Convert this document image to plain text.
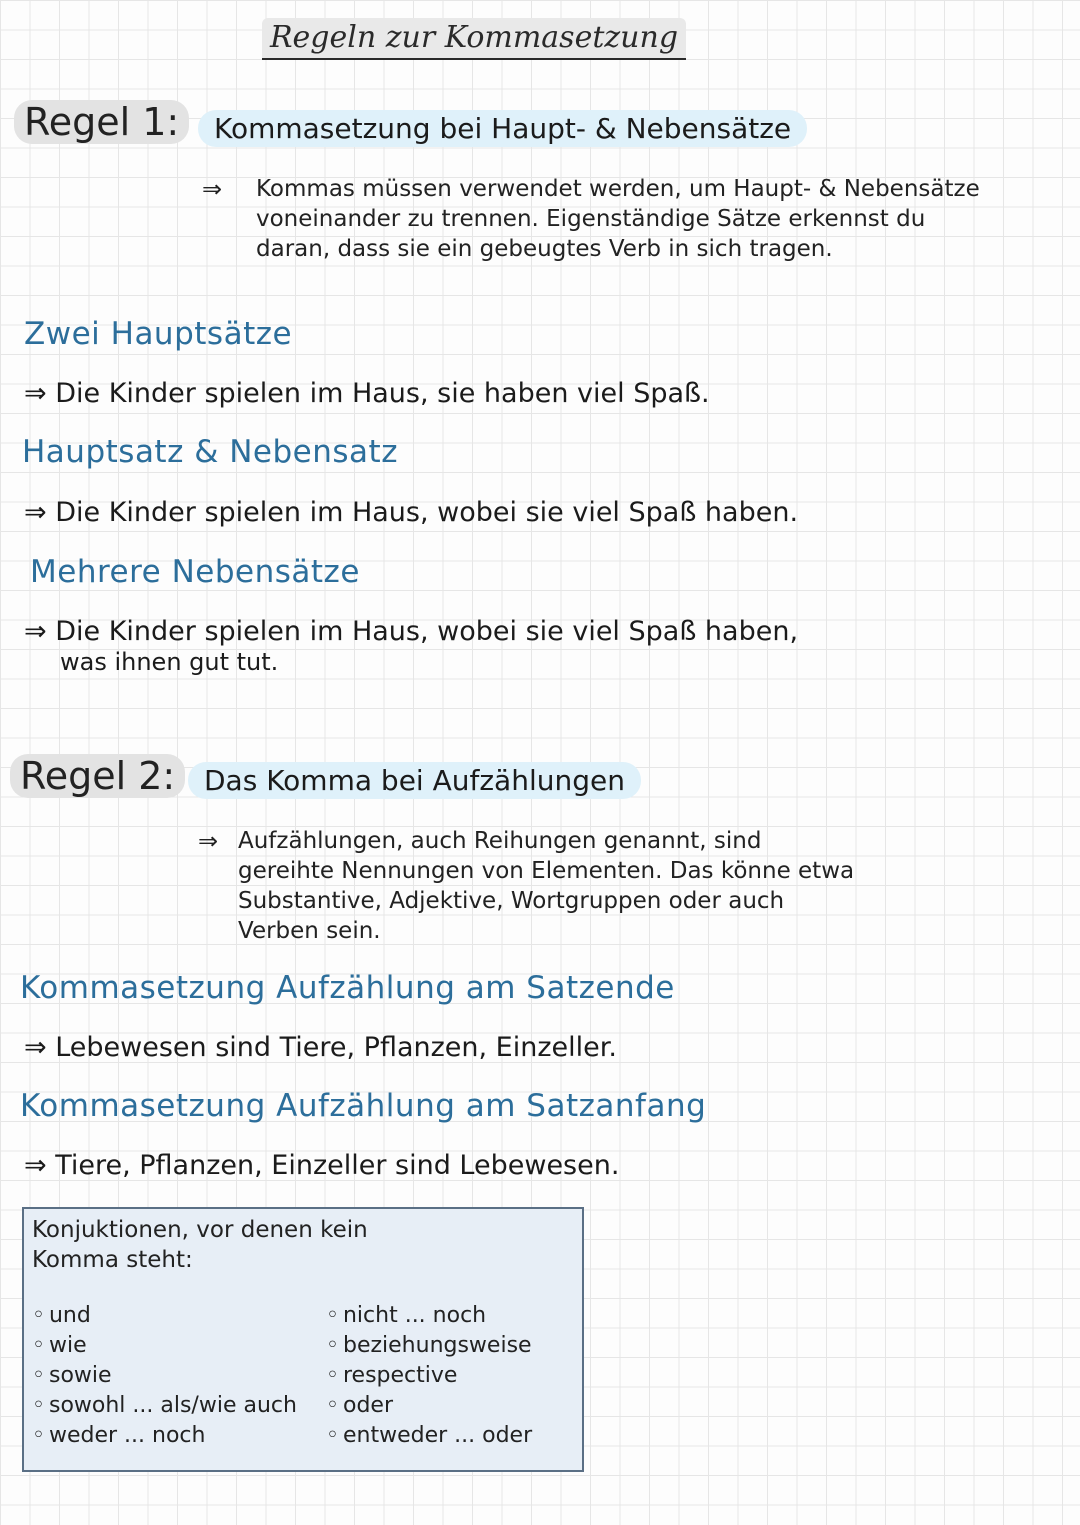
Regeln zur Kommasetzung
Regel 1:	Kommasetzung bei Haupt- & Nebensätze
⇒ Kommas müssen verwendet werden, um Haupt- & Nebensätze voneinander zu trennen. Eigenständige Sätze erkennst du daran, dass sie ein gebeugtes Verb in sich tragen.
Zwei Hauptsätze
⇒ Die Kinder spielen im Haus, sie haben viel Spaß.
Hauptsatz & Nebensatz
⇒ Die Kinder spielen im Haus, wobei sie viel Spaß haben.
Mehrere Nebensätze
⇒ Die Kinder spielen im Haus, wobei sie viel Spaß haben,
was ihnen gut tut.
Regel 2:	Das Komma bei Aufzählungen
⇒ Aufzählungen, auch Reihungen genannt, sind gereihte Nennungen von Elementen. Das könne etwa Substantive, Adjektive, Wortgruppen oder auch Verben sein.
Kommasetzung Aufzählung am Satzende
⇒ Lebewesen sind Tiere, Pflanzen, Einzeller.
Kommasetzung Aufzählung am Satzanfang
⇒ Tiere, Pflanzen, Einzeller sind Lebewesen.
Konjuktionen, vor denen kein Komma steht:
◦ und
◦ wie
◦ sowie
◦ sowohl ... als/wie auch
◦ weder ... noch
◦ nicht ... noch
◦ beziehungsweise
◦ respective
◦ oder
◦ entweder ... oder
